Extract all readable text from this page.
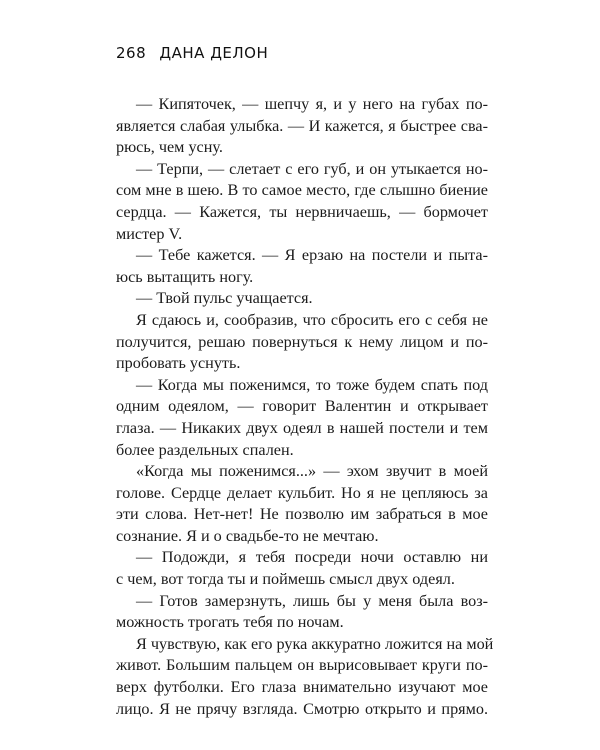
268 ДАНА ДЕЛОН
— Кипяточек, — шепчу я, и у него на губах по-
является слабая улыбка. — И кажется, я быстрее сва-
рюсь, чем усну.
— Терпи, — слетает с его губ, и он утыкается но-
сом мне в шею. В то самое место, где слышно биение
сердца. — Кажется, ты нервничаешь, — бормочет
мистер V.
— Тебе кажется. — Я ерзаю на постели и пыта-
юсь вытащить ногу.
— Твой пульс учащается.
Я сдаюсь и, сообразив, что сбросить его с себя не
получится, решаю повернуться к нему лицом и по-
пробовать уснуть.
— Когда мы поженимся, то тоже будем спать под
одним одеялом, — говорит Валентин и открывает
глаза. — Никаких двух одеял в нашей постели и тем
более раздельных спален.
«Когда мы поженимся...» — эхом звучит в моей
голове. Сердце делает кульбит. Но я не цепляюсь за
эти слова. Нет-нет! Не позволю им забраться в мое
сознание. Я и о свадьбе-то не мечтаю.
— Подожди, я тебя посреди ночи оставлю ни
с чем, вот тогда ты и поймешь смысл двух одеял.
— Готов замерзнуть, лишь бы у меня была воз-
можность трогать тебя по ночам.
Я чувствую, как его рука аккуратно ложится на мой
живот. Большим пальцем он вырисовывает круги по-
верх футболки. Его глаза внимательно изучают мое
лицо. Я не прячу взгляда. Смотрю открыто и прямо.
